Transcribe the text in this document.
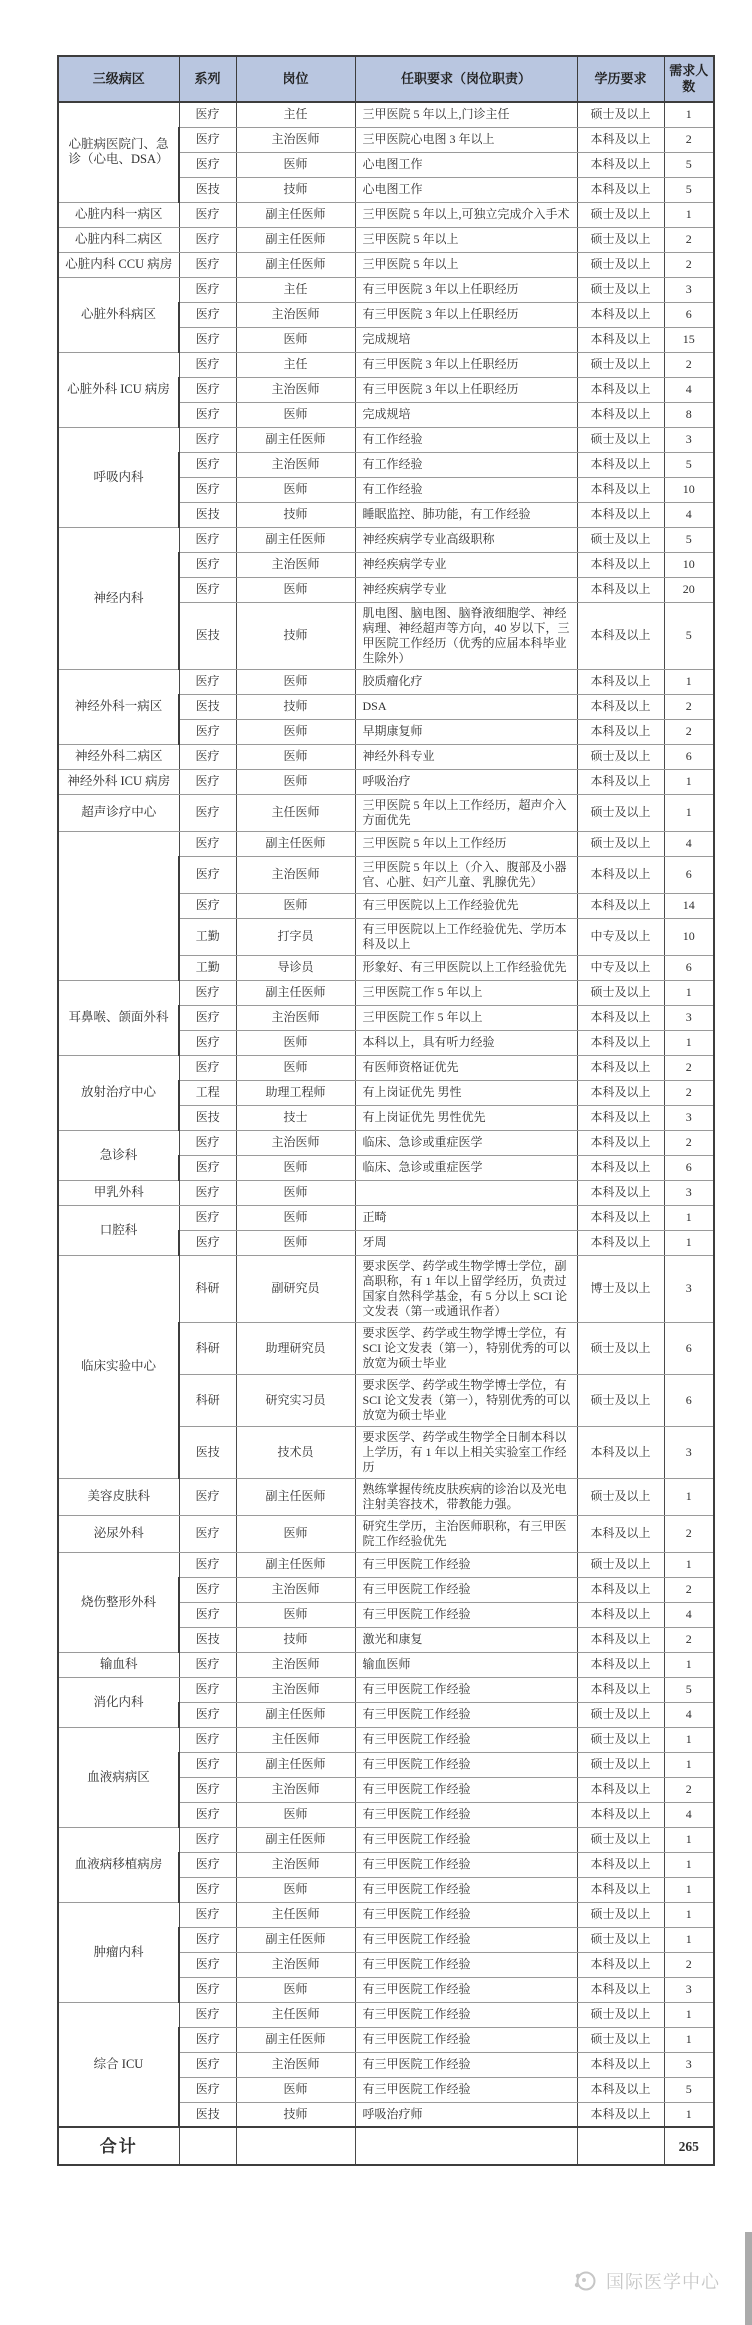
三级病区	系列	岗位	任职要求（岗位职责）	学历要求	需求人数
心脏病医院门、急诊（心电、DSA）	医疗	主任	三甲医院 5 年以上,门诊主任	硕士及以上	1
	医疗	主治医师	三甲医院心电图 3 年以上	本科及以上	2
	医疗	医师	心电图工作	本科及以上	5
	医技	技师	心电图工作	本科及以上	5
心脏内科一病区	医疗	副主任医师	三甲医院 5 年以上,可独立完成介入手术	硕士及以上	1
心脏内科二病区	医疗	副主任医师	三甲医院 5 年以上	硕士及以上	2
心脏内科 CCU 病房	医疗	副主任医师	三甲医院 5 年以上	硕士及以上	2
心脏外科病区	医疗	主任	有三甲医院 3 年以上任职经历	硕士及以上	3
	医疗	主治医师	有三甲医院 3 年以上任职经历	本科及以上	6
	医疗	医师	完成规培	本科及以上	15
心脏外科 ICU 病房	医疗	主任	有三甲医院 3 年以上任职经历	硕士及以上	2
	医疗	主治医师	有三甲医院 3 年以上任职经历	本科及以上	4
	医疗	医师	完成规培	本科及以上	8
呼吸内科	医疗	副主任医师	有工作经验	硕士及以上	3
	医疗	主治医师	有工作经验	本科及以上	5
	医疗	医师	有工作经验	本科及以上	10
	医技	技师	睡眠监控、肺功能，有工作经验	本科及以上	4
神经内科	医疗	副主任医师	神经疾病学专业高级职称	硕士及以上	5
	医疗	主治医师	神经疾病学专业	本科及以上	10
	医疗	医师	神经疾病学专业	本科及以上	20
	医技	技师	肌电图、脑电图、脑脊液细胞学、神经病理、神经超声等方向，40 岁以下，三甲医院工作经历（优秀的应届本科毕业生除外）	本科及以上	5
神经外科一病区	医疗	医师	胶质瘤化疗	本科及以上	1
	医技	技师	DSA	本科及以上	2
	医疗	医师	早期康复师	本科及以上	2
神经外科二病区	医疗	医师	神经外科专业	硕士及以上	6
神经外科 ICU 病房	医疗	医师	呼吸治疗	本科及以上	1
超声诊疗中心	医疗	主任医师	三甲医院 5 年以上工作经历，超声介入方面优先	硕士及以上	1
	医疗	副主任医师	三甲医院 5 年以上工作经历	硕士及以上	4
	医疗	主治医师	三甲医院 5 年以上（介入、腹部及小器官、心脏、妇产儿童、乳腺优先）	本科及以上	6
	医疗	医师	有三甲医院以上工作经验优先	本科及以上	14
	工勤	打字员	有三甲医院以上工作经验优先、学历本科及以上	中专及以上	10
	工勤	导诊员	形象好、有三甲医院以上工作经验优先	中专及以上	6
耳鼻喉、颌面外科	医疗	副主任医师	三甲医院工作 5 年以上	硕士及以上	1
	医疗	主治医师	三甲医院工作 5 年以上	本科及以上	3
	医疗	医师	本科以上，具有听力经验	本科及以上	1
放射治疗中心	医疗	医师	有医师资格证优先	本科及以上	2
	工程	助理工程师	有上岗证优先 男性	本科及以上	2
	医技	技士	有上岗证优先 男性优先	本科及以上	3
急诊科	医疗	主治医师	临床、急诊或重症医学	本科及以上	2
	医疗	医师	临床、急诊或重症医学	本科及以上	6
甲乳外科	医疗	医师		本科及以上	3
口腔科	医疗	医师	正畸	本科及以上	1
	医疗	医师	牙周	本科及以上	1
临床实验中心	科研	副研究员	要求医学、药学或生物学博士学位，副高职称，有 1 年以上留学经历，负责过国家自然科学基金，有 5 分以上 SCI 论文发表（第一或通讯作者）	博士及以上	3
	科研	助理研究员	要求医学、药学或生物学博士学位，有 SCI 论文发表（第一），特别优秀的可以放宽为硕士毕业	硕士及以上	6
	科研	研究实习员	要求医学、药学或生物学博士学位，有 SCI 论文发表（第一），特别优秀的可以放宽为硕士毕业	硕士及以上	6
	医技	技术员	要求医学、药学或生物学全日制本科以上学历，有 1 年以上相关实验室工作经历	本科及以上	3
美容皮肤科	医疗	副主任医师	熟练掌握传统皮肤疾病的诊治以及光电注射美容技术，带教能力强。	硕士及以上	1
泌尿外科	医疗	医师	研究生学历，主治医师职称，有三甲医院工作经验优先	本科及以上	2
烧伤整形外科	医疗	副主任医师	有三甲医院工作经验	硕士及以上	1
	医疗	主治医师	有三甲医院工作经验	本科及以上	2
	医疗	医师	有三甲医院工作经验	本科及以上	4
	医技	技师	激光和康复	本科及以上	2
输血科	医疗	主治医师	输血医师	本科及以上	1
消化内科	医疗	主治医师	有三甲医院工作经验	本科及以上	5
	医疗	副主任医师	有三甲医院工作经验	硕士及以上	4
血液病病区	医疗	主任医师	有三甲医院工作经验	硕士及以上	1
	医疗	副主任医师	有三甲医院工作经验	硕士及以上	1
	医疗	主治医师	有三甲医院工作经验	本科及以上	2
	医疗	医师	有三甲医院工作经验	本科及以上	4
血液病移植病房	医疗	副主任医师	有三甲医院工作经验	硕士及以上	1
	医疗	主治医师	有三甲医院工作经验	本科及以上	1
	医疗	医师	有三甲医院工作经验	本科及以上	1
肿瘤内科	医疗	主任医师	有三甲医院工作经验	硕士及以上	1
	医疗	副主任医师	有三甲医院工作经验	硕士及以上	1
	医疗	主治医师	有三甲医院工作经验	本科及以上	2
	医疗	医师	有三甲医院工作经验	本科及以上	3
综合 ICU	医疗	主任医师	有三甲医院工作经验	硕士及以上	1
	医疗	副主任医师	有三甲医院工作经验	硕士及以上	1
	医疗	主治医师	有三甲医院工作经验	本科及以上	3
	医疗	医师	有三甲医院工作经验	本科及以上	5
	医技	技师	呼吸治疗师	本科及以上	1
合计					265
国际医学中心
